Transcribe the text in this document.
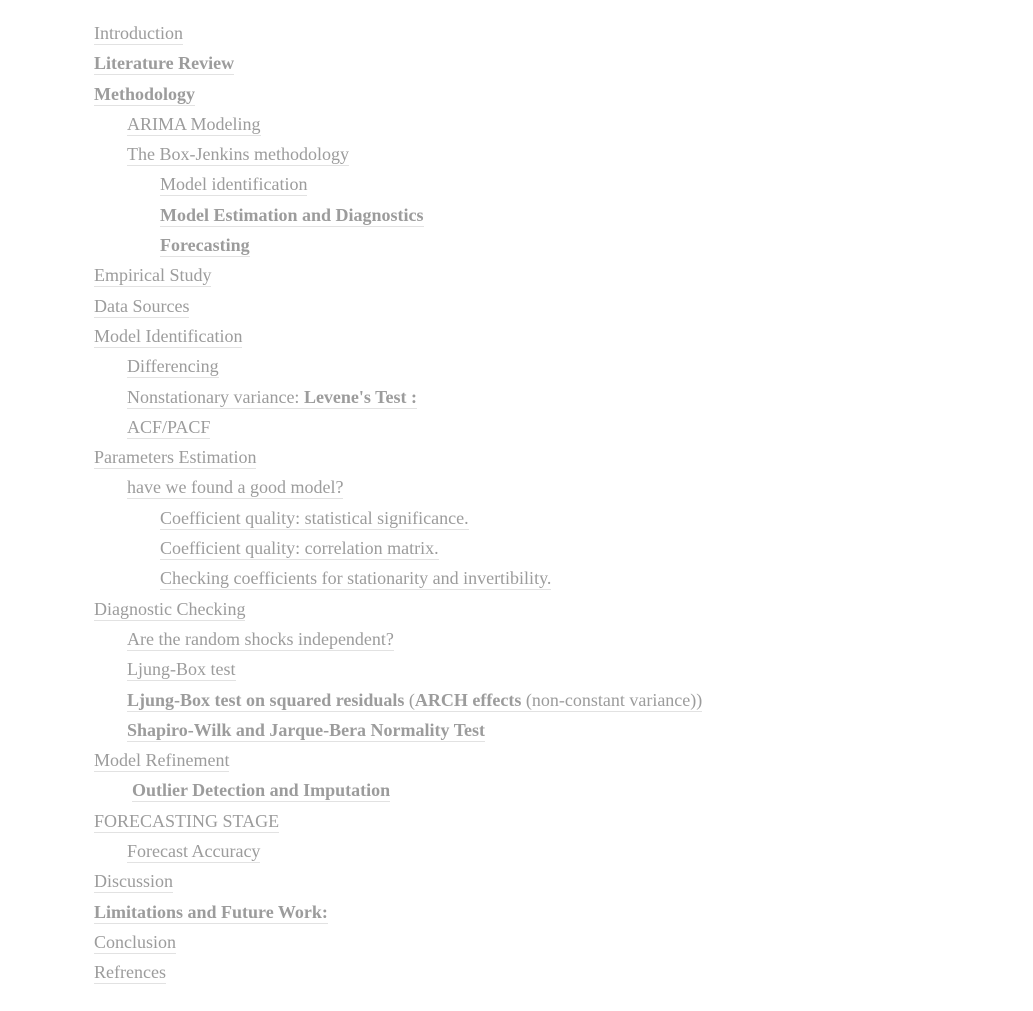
Introduction
Literature Review
Methodology
ARIMA Modeling
The Box-Jenkins methodology
Model identification
Model Estimation and Diagnostics
Forecasting
Empirical Study
Data Sources
Model Identification
Differencing
Nonstationary variance: Levene's Test :
ACF/PACF
Parameters Estimation
have we found a good model?
Coefficient quality: statistical significance.
Coefficient quality: correlation matrix.
Checking coefficients for stationarity and invertibility.
Diagnostic Checking
Are the random shocks independent?
Ljung-Box test
Ljung-Box test on squared residuals (ARCH effects (non-constant variance))
Shapiro-Wilk and Jarque-Bera Normality Test
Model Refinement
Outlier Detection and Imputation
FORECASTING STAGE
Forecast Accuracy
Discussion
Limitations and Future Work:
Conclusion
Refrences
